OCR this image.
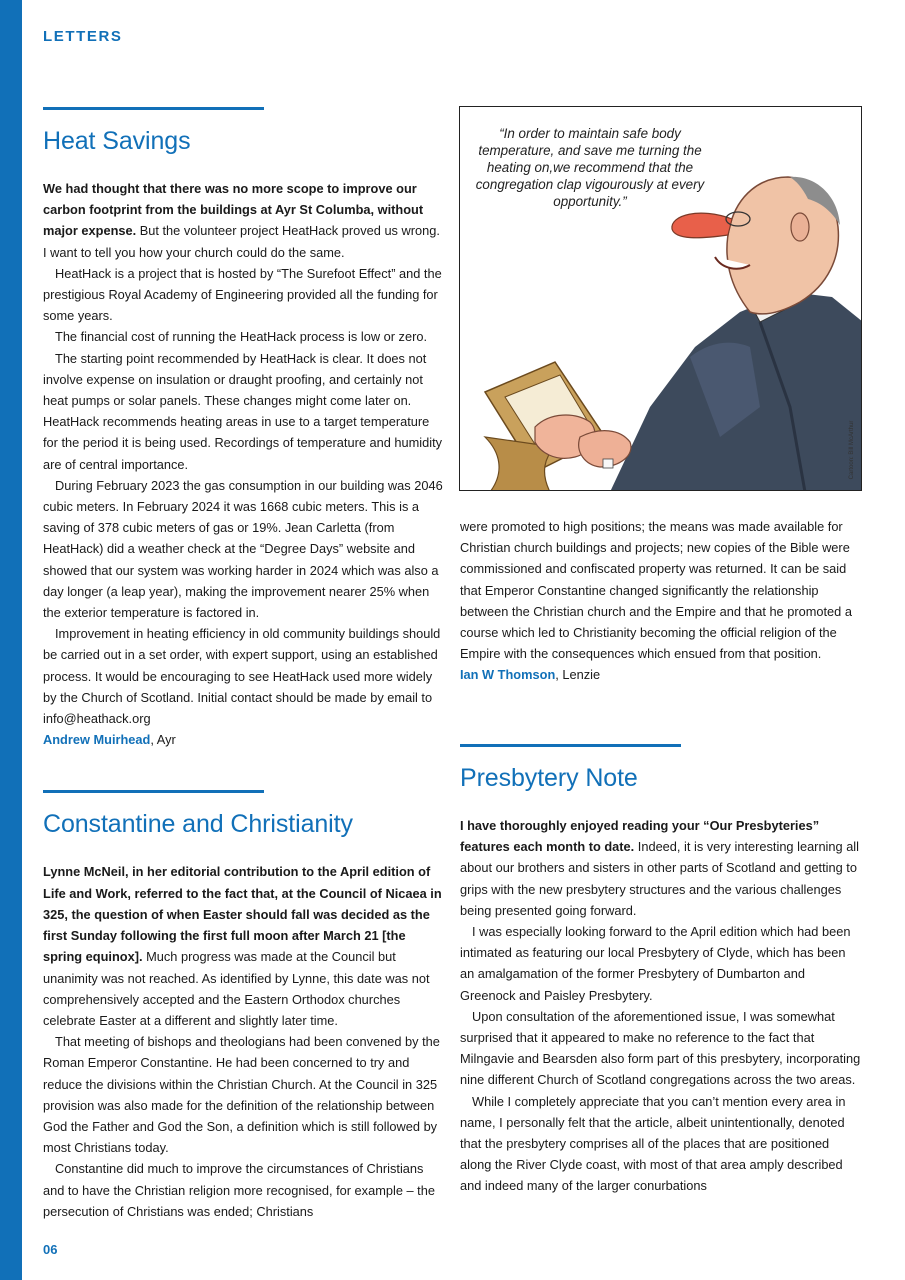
LETTERS
Heat Savings

We had thought that there was no more scope to improve our carbon footprint from the buildings at Ayr St Columba, without major expense. But the volunteer project HeatHack proved us wrong. I want to tell you how your church could do the same.

HeatHack is a project that is hosted by “The Surefoot Effect” and the prestigious Royal Academy of Engineering provided all the funding for some years.

The financial cost of running the HeatHack process is low or zero.

The starting point recommended by HeatHack is clear. It does not involve expense on insulation or draught proofing, and certainly not heat pumps or solar panels. These changes might come later on. HeatHack recommends heating areas in use to a target temperature for the period it is being used. Recordings of temperature and humidity are of central importance.

During February 2023 the gas consumption in our building was 2046 cubic meters. In February 2024 it was 1668 cubic meters. This is a saving of 378 cubic meters of gas or 19%. Jean Carletta (from HeatHack) did a weather check at the “Degree Days” website and showed that our system was working harder in 2024 which was also a day longer (a leap year), making the improvement nearer 25% when the exterior temperature is factored in.

Improvement in heating efficiency in old community buildings should be carried out in a set order, with expert support, using an established process. It would be encouraging to see HeatHack used more widely by the Church of Scotland. Initial contact should be made by email to info@heathack.org

Andrew Muirhead, Ayr

Constantine and Christianity

Lynne McNeil, in her editorial contribution to the April edition of Life and Work, referred to the fact that, at the Council of Nicaea in 325, the question of when Easter should fall was decided as the first Sunday following the first full moon after March 21 [the spring equinox]. Much progress was made at the Council but unanimity was not reached. As identified by Lynne, this date was not comprehensively accepted and the Eastern Orthodox churches celebrate Easter at a different and slightly later time.

That meeting of bishops and theologians had been convened by the Roman Emperor Constantine. He had been concerned to try and reduce the divisions within the Christian Church. At the Council in 325 provision was also made for the definition of the relationship between God the Father and God the Son, a definition which is still followed by most Christians today.

Constantine did much to improve the circumstances of Christians and to have the Christian religion more recognised, for example – the persecution of Christians was ended; Christians

“In order to maintain safe body temperature, and save me turning the heating on,we recommend that the congregation clap vigourously at every opportunity.”
Cartoon: Bill McArthur

were promoted to high positions; the means was made available for Christian church buildings and projects; new copies of the Bible were commissioned and confiscated property was returned. It can be said that Emperor Constantine changed significantly the relationship between the Christian church and the Empire and that he promoted a course which led to Christianity becoming the official religion of the Empire with the consequences which ensued from that position.

Ian W Thomson, Lenzie

Presbytery Note

I have thoroughly enjoyed reading your “Our Presbyteries” features each month to date. Indeed, it is very interesting learning all about our brothers and sisters in other parts of Scotland and getting to grips with the new presbytery structures and the various challenges being presented going forward.

I was especially looking forward to the April edition which had been intimated as featuring our local Presbytery of Clyde, which has been an amalgamation of the former Presbytery of Dumbarton and Greenock and Paisley Presbytery.

Upon consultation of the aforementioned issue, I was somewhat surprised that it appeared to make no reference to the fact that Milngavie and Bearsden also form part of this presbytery, incorporating nine different Church of Scotland congregations across the two areas.

While I completely appreciate that you can’t mention every area in name, I personally felt that the article, albeit unintentionally, denoted that the presbytery comprises all of the places that are positioned along the River Clyde coast, with most of that area amply described and indeed many of the larger conurbations

06
